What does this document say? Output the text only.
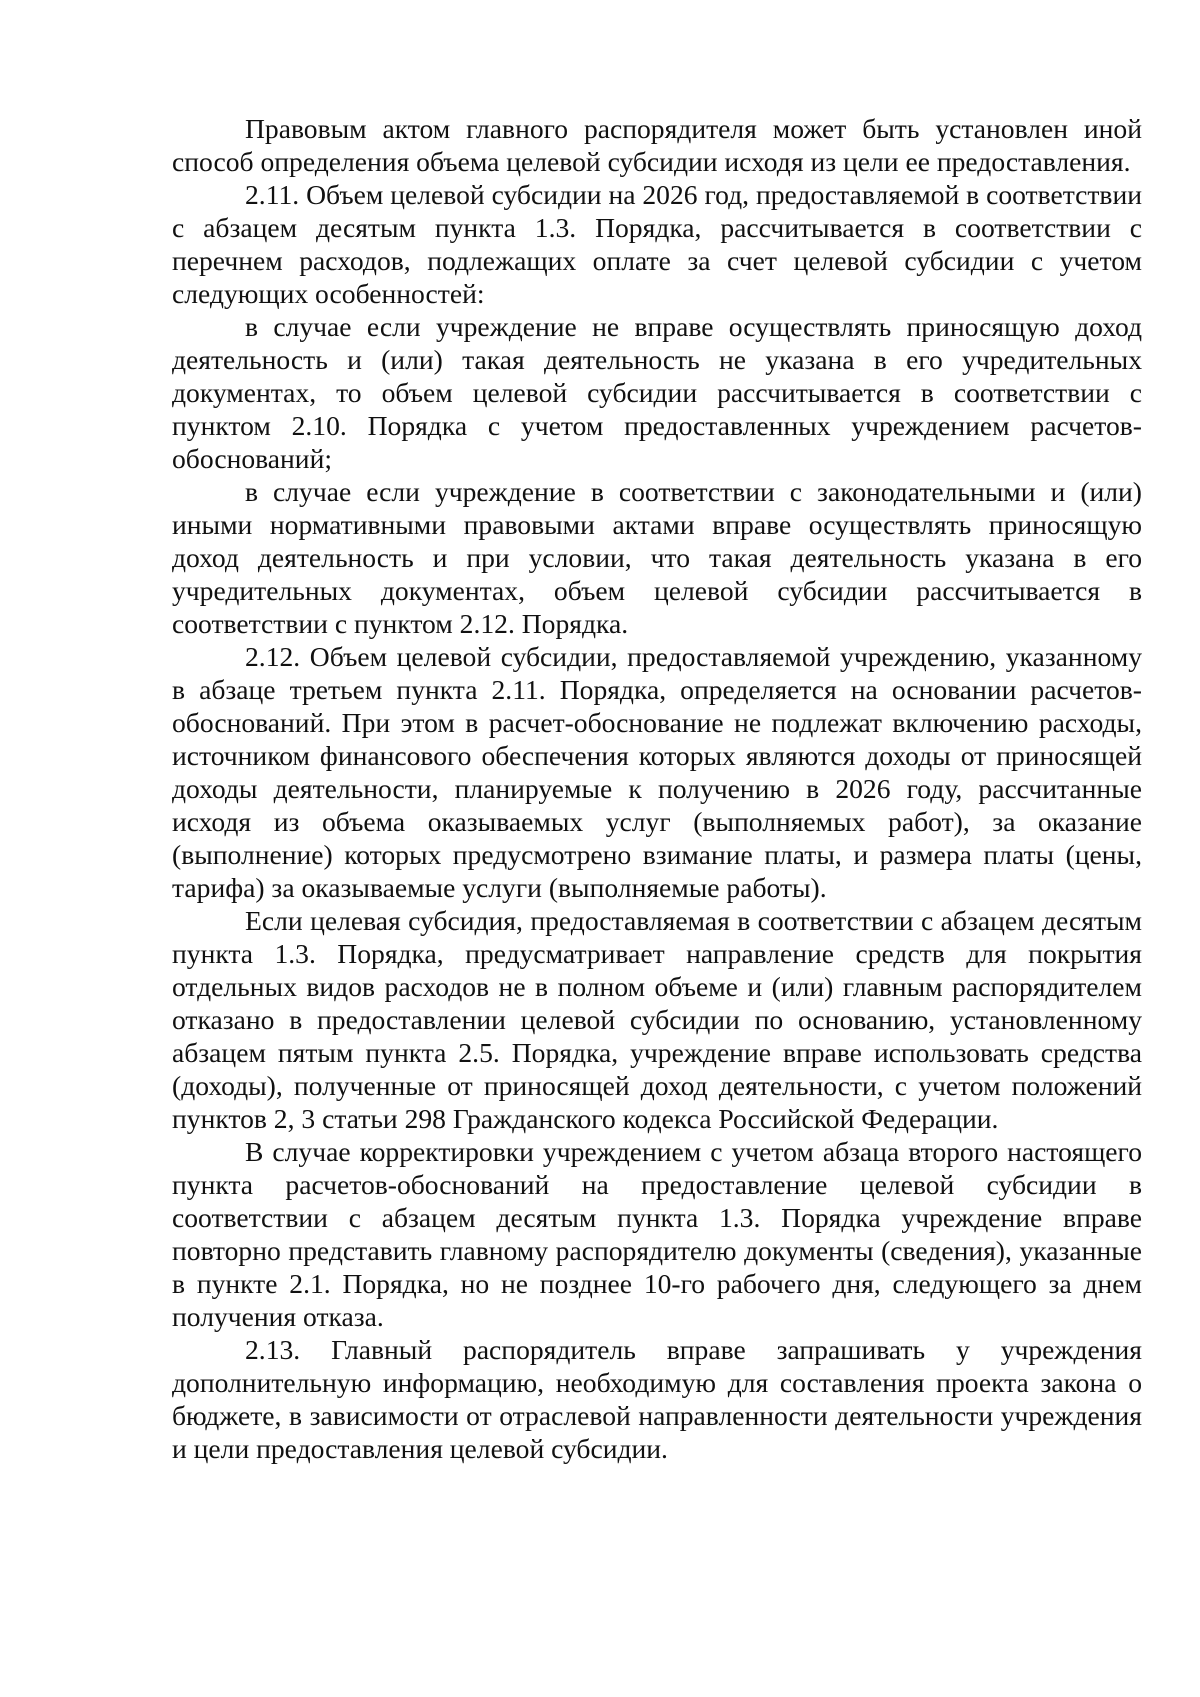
Правовым актом главного распорядителя может быть установлен иной способ определения объема целевой субсидии исходя из цели ее предоставления.

2.11. Объем целевой субсидии на 2026 год, предоставляемой в соответствии с абзацем десятым пункта 1.3. Порядка, рассчитывается в соответствии с перечнем расходов, подлежащих оплате за счет целевой субсидии с учетом следующих особенностей:

в случае если учреждение не вправе осуществлять приносящую доход деятельность и (или) такая деятельность не указана в его учредительных документах, то объем целевой субсидии рассчитывается в соответствии с пунктом 2.10. Порядка с учетом предоставленных учреждением расчетов-обоснований;

в случае если учреждение в соответствии с законодательными и (или) иными нормативными правовыми актами вправе осуществлять приносящую доход деятельность и при условии, что такая деятельность указана в его учредительных документах, объем целевой субсидии рассчитывается в соответствии с пунктом 2.12. Порядка.

2.12. Объем целевой субсидии, предоставляемой учреждению, указанному в абзаце третьем пункта 2.11. Порядка, определяется на основании расчетов-обоснований. При этом в расчет-обоснование не подлежат включению расходы, источником финансового обеспечения которых являются доходы от приносящей доходы деятельности, планируемые к получению в 2026 году, рассчитанные исходя из объема оказываемых услуг (выполняемых работ), за оказание (выполнение) которых предусмотрено взимание платы, и размера платы (цены, тарифа) за оказываемые услуги (выполняемые работы).

Если целевая субсидия, предоставляемая в соответствии с абзацем десятым пункта 1.3. Порядка, предусматривает направление средств для покрытия отдельных видов расходов не в полном объеме и (или) главным распорядителем отказано в предоставлении целевой субсидии по основанию, установленному абзацем пятым пункта 2.5. Порядка, учреждение вправе использовать средства (доходы), полученные от приносящей доход деятельности, с учетом положений пунктов 2, 3 статьи 298 Гражданского кодекса Российской Федерации.

В случае корректировки учреждением с учетом абзаца второго настоящего пункта расчетов-обоснований на предоставление целевой субсидии в соответствии с абзацем десятым пункта 1.3. Порядка учреждение вправе повторно представить главному распорядителю документы (сведения), указанные в пункте 2.1. Порядка, но не позднее 10-го рабочего дня, следующего за днем получения отказа.

2.13. Главный распорядитель вправе запрашивать у учреждения дополнительную информацию, необходимую для составления проекта закона о бюджете, в зависимости от отраслевой направленности деятельности учреждения и цели предоставления целевой субсидии.
